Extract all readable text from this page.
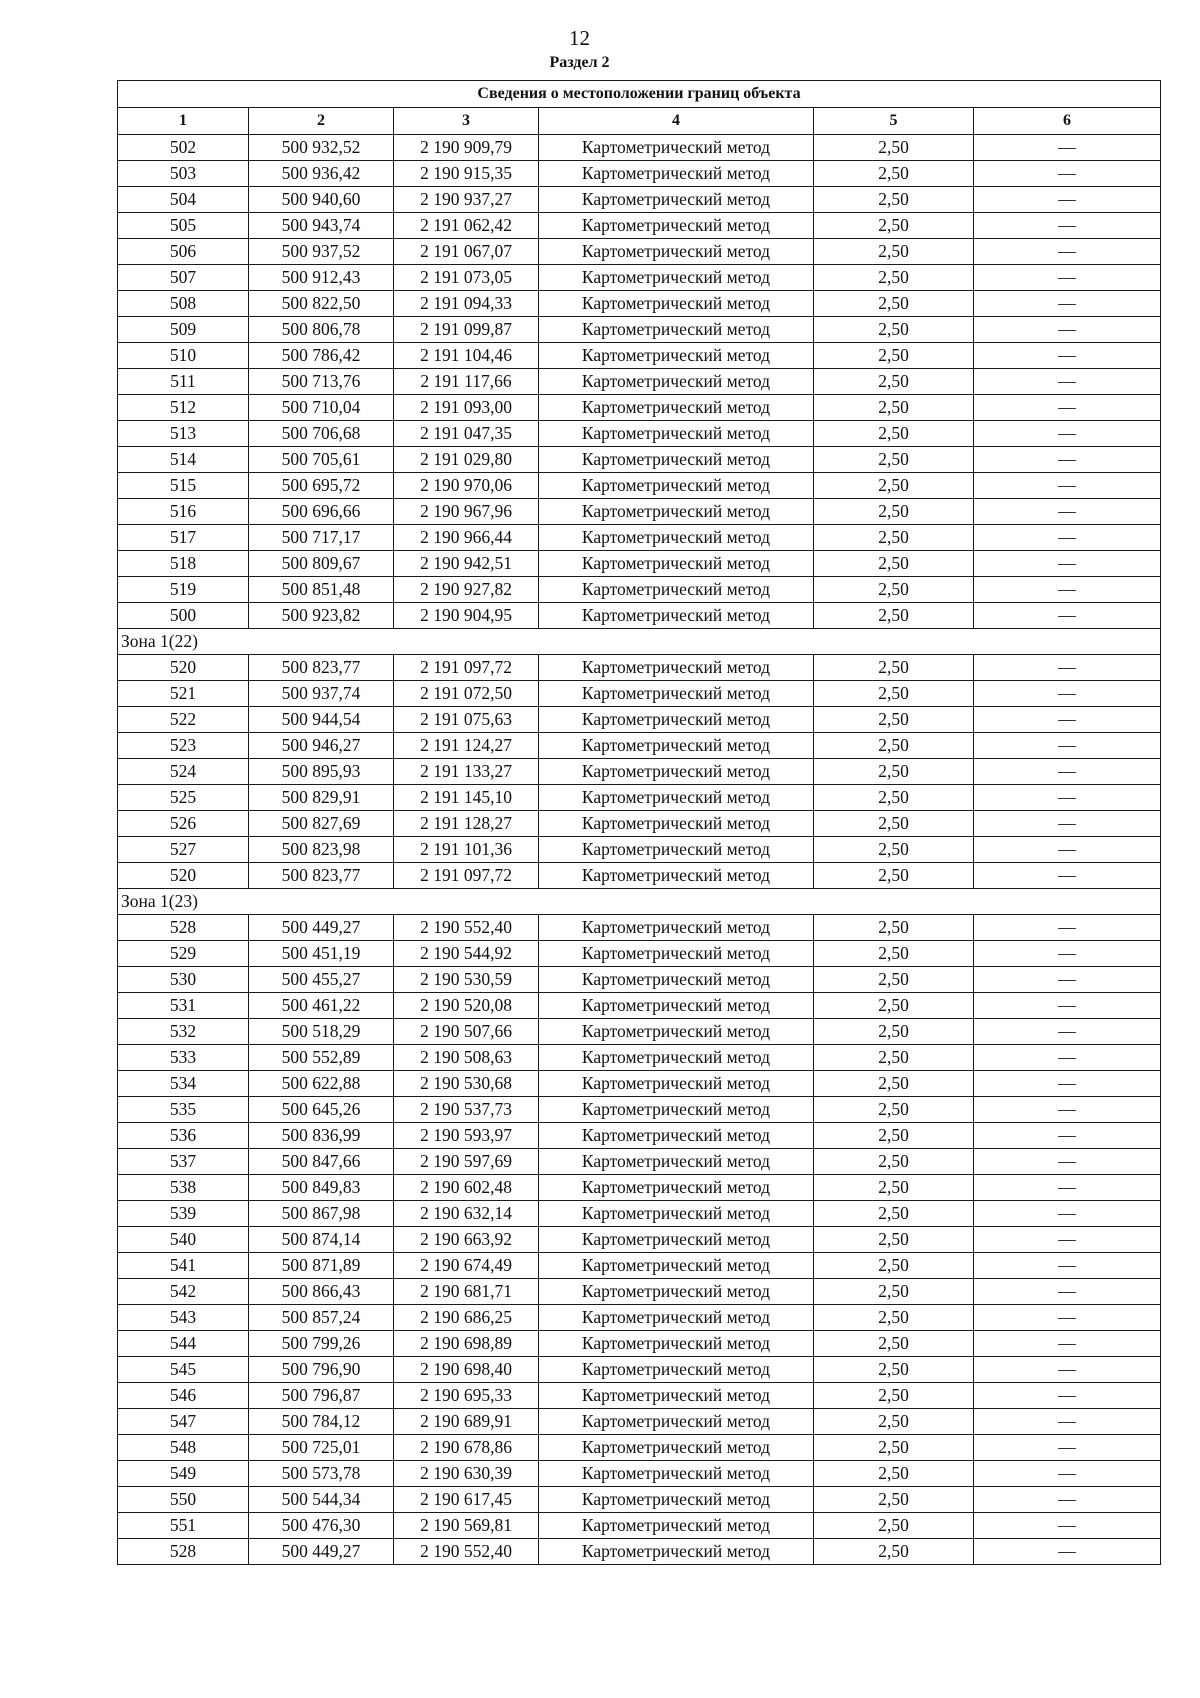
12
Раздел 2
Сведения о местоположении границ объекта					
1	2	3	4	5	6
502	500 932,52	2 190 909,79	Картометрический метод	2,50	—
503	500 936,42	2 190 915,35	Картометрический метод	2,50	—
504	500 940,60	2 190 937,27	Картометрический метод	2,50	—
505	500 943,74	2 191 062,42	Картометрический метод	2,50	—
506	500 937,52	2 191 067,07	Картометрический метод	2,50	—
507	500 912,43	2 191 073,05	Картометрический метод	2,50	—
508	500 822,50	2 191 094,33	Картометрический метод	2,50	—
509	500 806,78	2 191 099,87	Картометрический метод	2,50	—
510	500 786,42	2 191 104,46	Картометрический метод	2,50	—
511	500 713,76	2 191 117,66	Картометрический метод	2,50	—
512	500 710,04	2 191 093,00	Картометрический метод	2,50	—
513	500 706,68	2 191 047,35	Картометрический метод	2,50	—
514	500 705,61	2 191 029,80	Картометрический метод	2,50	—
515	500 695,72	2 190 970,06	Картометрический метод	2,50	—
516	500 696,66	2 190 967,96	Картометрический метод	2,50	—
517	500 717,17	2 190 966,44	Картометрический метод	2,50	—
518	500 809,67	2 190 942,51	Картометрический метод	2,50	—
519	500 851,48	2 190 927,82	Картометрический метод	2,50	—
500	500 923,82	2 190 904,95	Картометрический метод	2,50	—
Зона 1(22)					
520	500 823,77	2 191 097,72	Картометрический метод	2,50	—
521	500 937,74	2 191 072,50	Картометрический метод	2,50	—
522	500 944,54	2 191 075,63	Картометрический метод	2,50	—
523	500 946,27	2 191 124,27	Картометрический метод	2,50	—
524	500 895,93	2 191 133,27	Картометрический метод	2,50	—
525	500 829,91	2 191 145,10	Картометрический метод	2,50	—
526	500 827,69	2 191 128,27	Картометрический метод	2,50	—
527	500 823,98	2 191 101,36	Картометрический метод	2,50	—
520	500 823,77	2 191 097,72	Картометрический метод	2,50	—
Зона 1(23)					
528	500 449,27	2 190 552,40	Картометрический метод	2,50	—
529	500 451,19	2 190 544,92	Картометрический метод	2,50	—
530	500 455,27	2 190 530,59	Картометрический метод	2,50	—
531	500 461,22	2 190 520,08	Картометрический метод	2,50	—
532	500 518,29	2 190 507,66	Картометрический метод	2,50	—
533	500 552,89	2 190 508,63	Картометрический метод	2,50	—
534	500 622,88	2 190 530,68	Картометрический метод	2,50	—
535	500 645,26	2 190 537,73	Картометрический метод	2,50	—
536	500 836,99	2 190 593,97	Картометрический метод	2,50	—
537	500 847,66	2 190 597,69	Картометрический метод	2,50	—
538	500 849,83	2 190 602,48	Картометрический метод	2,50	—
539	500 867,98	2 190 632,14	Картометрический метод	2,50	—
540	500 874,14	2 190 663,92	Картометрический метод	2,50	—
541	500 871,89	2 190 674,49	Картометрический метод	2,50	—
542	500 866,43	2 190 681,71	Картометрический метод	2,50	—
543	500 857,24	2 190 686,25	Картометрический метод	2,50	—
544	500 799,26	2 190 698,89	Картометрический метод	2,50	—
545	500 796,90	2 190 698,40	Картометрический метод	2,50	—
546	500 796,87	2 190 695,33	Картометрический метод	2,50	—
547	500 784,12	2 190 689,91	Картометрический метод	2,50	—
548	500 725,01	2 190 678,86	Картометрический метод	2,50	—
549	500 573,78	2 190 630,39	Картометрический метод	2,50	—
550	500 544,34	2 190 617,45	Картометрический метод	2,50	—
551	500 476,30	2 190 569,81	Картометрический метод	2,50	—
528	500 449,27	2 190 552,40	Картометрический метод	2,50	—
